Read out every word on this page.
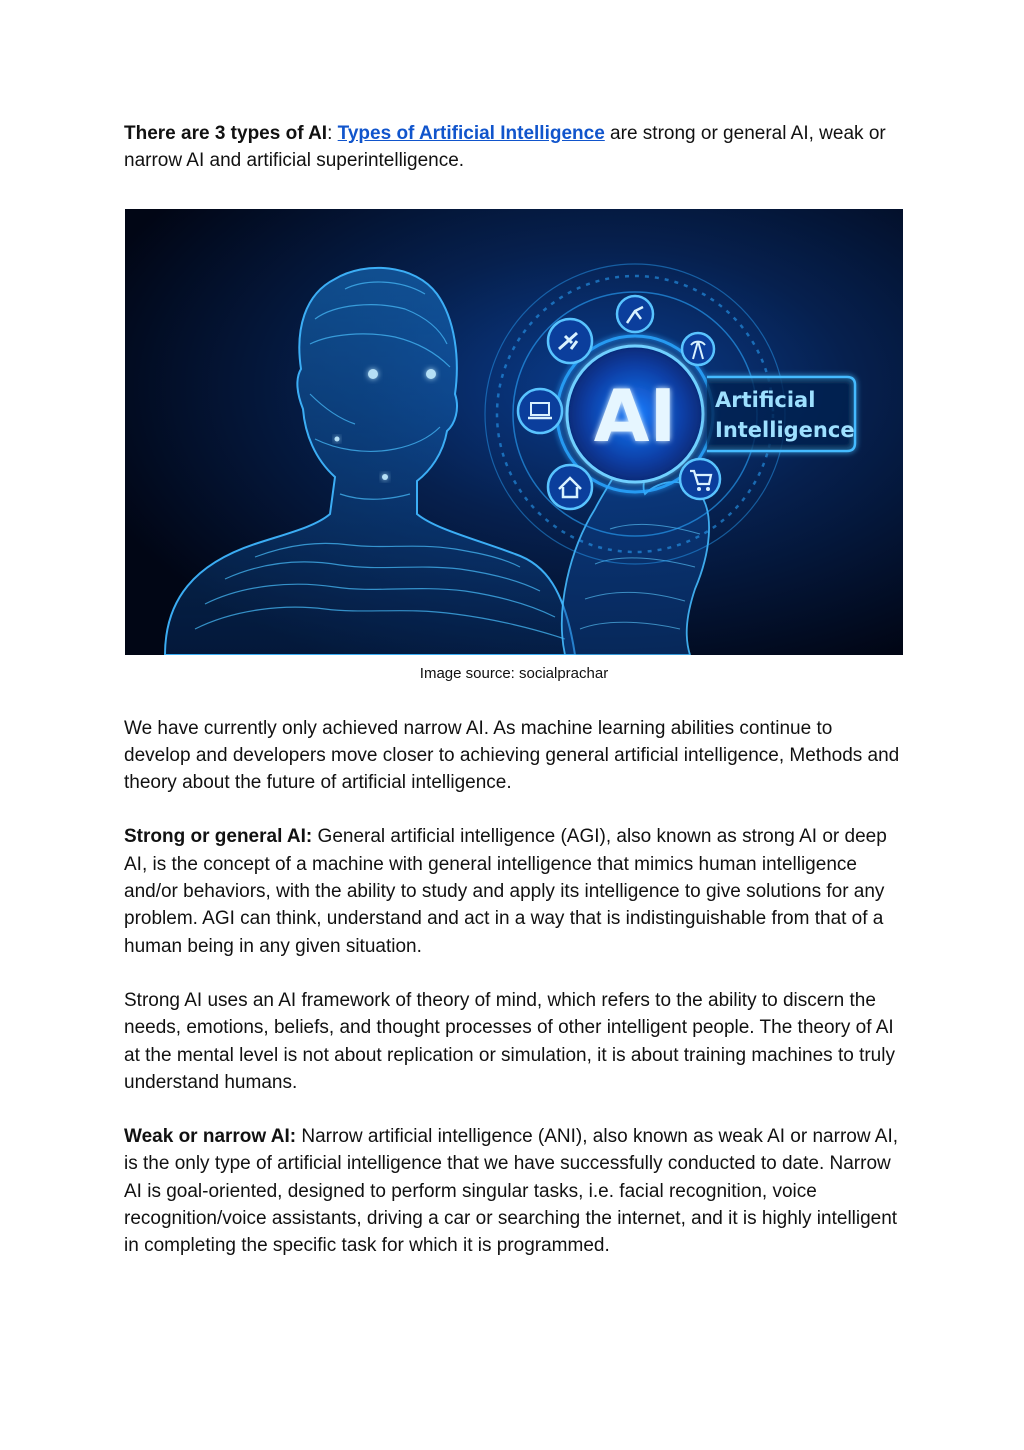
There are 3 types of AI: Types of Artificial Intelligence are strong or general AI, weak or narrow AI and artificial superintelligence.

AI Artificial
Intelligence

Image source: socialprachar

We have currently only achieved narrow AI. As machine learning abilities continue to develop and developers move closer to achieving general artificial intelligence, Methods and theory about the future of artificial intelligence.

Strong or general AI: General artificial intelligence (AGI), also known as strong AI or deep AI, is the concept of a machine with general intelligence that mimics human intelligence and/or behaviors, with the ability to study and apply its intelligence to give solutions for any problem. AGI can think, understand and act in a way that is indistinguishable from that of a human being in any given situation.

Strong AI uses an AI framework of theory of mind, which refers to the ability to discern the needs, emotions, beliefs, and thought processes of other intelligent people. The theory of AI at the mental level is not about replication or simulation, it is about training machines to truly understand humans.

Weak or narrow AI: Narrow artificial intelligence (ANI), also known as weak AI or narrow AI, is the only type of artificial intelligence that we have successfully conducted to date. Narrow AI is goal-oriented, designed to perform singular tasks, i.e. facial recognition, voice recognition/voice assistants, driving a car or searching the internet, and it is highly intelligent in completing the specific task for which it is programmed.
